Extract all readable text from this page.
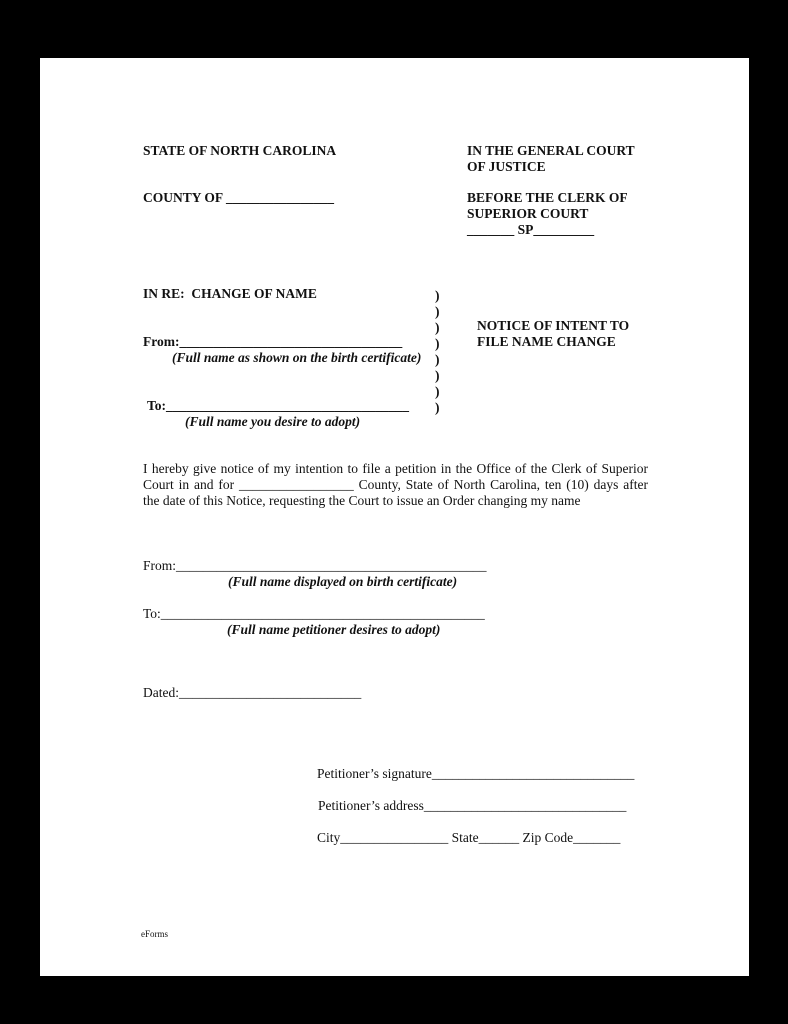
STATE OF NORTH CAROLINA	IN THE GENERAL COURT
OF JUSTICE
COUNTY OF ________________	BEFORE THE CLERK OF
SUPERIOR COURT
_______ SP_________
IN RE:  CHANGE OF NAME
From:_________________________________
(Full name as shown on the birth certificate)
To:____________________________________
(Full name you desire to adopt)
)
)
)
)
)
)
)
)
NOTICE OF INTENT TO
FILE NAME CHANGE
I hereby give notice of my intention to file a petition in the Office of the Clerk of Superior Court in and for _________________ County, State of North Carolina, ten (10) days after the date of this Notice, requesting the Court to issue an Order changing my name
From:______________________________________________
(Full name displayed on birth certificate)
To:________________________________________________
(Full name petitioner desires to adopt)
Dated:___________________________
Petitioner’s signature______________________________
Petitioner’s address______________________________
City________________ State______ Zip Code_______
eForms
